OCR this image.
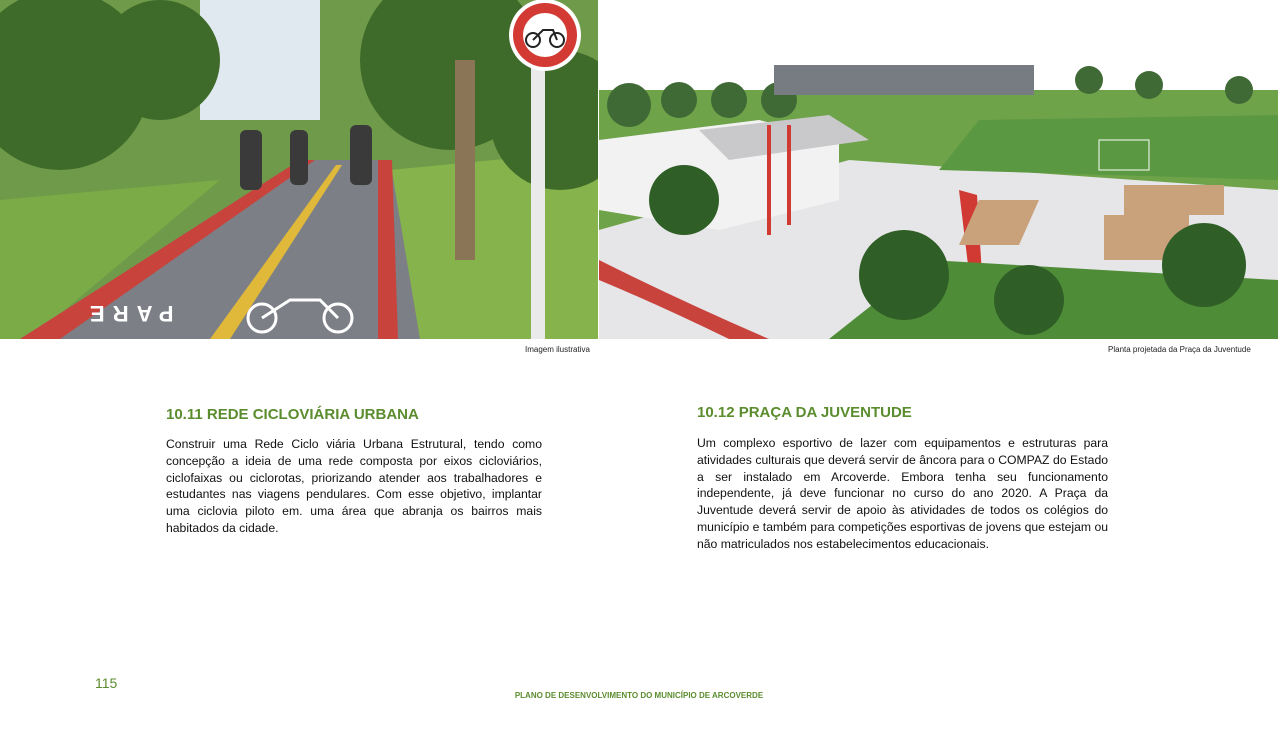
PARE
Imagem ilustrativa	Planta projetada da Praça da Juventude
10.11 REDE CICLOVIÁRIA URBANA

Construir uma Rede Ciclo viária Urbana Estrutural, tendo como concepção a ideia de uma rede composta por eixos cicloviários, ciclofaixas ou ciclorotas, priorizando atender aos trabalhadores e estudantes nas viagens pendulares. Com esse objetivo, implantar uma ciclovia piloto em. uma área que abranja os bairros mais habitados da cidade.

10.12 PRAÇA DA JUVENTUDE

Um complexo esportivo de lazer com equipamentos e estruturas para atividades culturais que deverá servir de âncora para o COMPAZ do Estado a ser instalado em Arcoverde. Embora tenha seu funcionamento independente, já deve funcionar no curso do ano 2020. A Praça da Juventude deverá servir de apoio às atividades de todos os colégios do município e também para competições esportivas de jovens que estejam ou não matriculados nos estabelecimentos educacionais.

115
PLANO DE DESENVOLVIMENTO DO MUNICÍPIO DE ARCOVERDE
